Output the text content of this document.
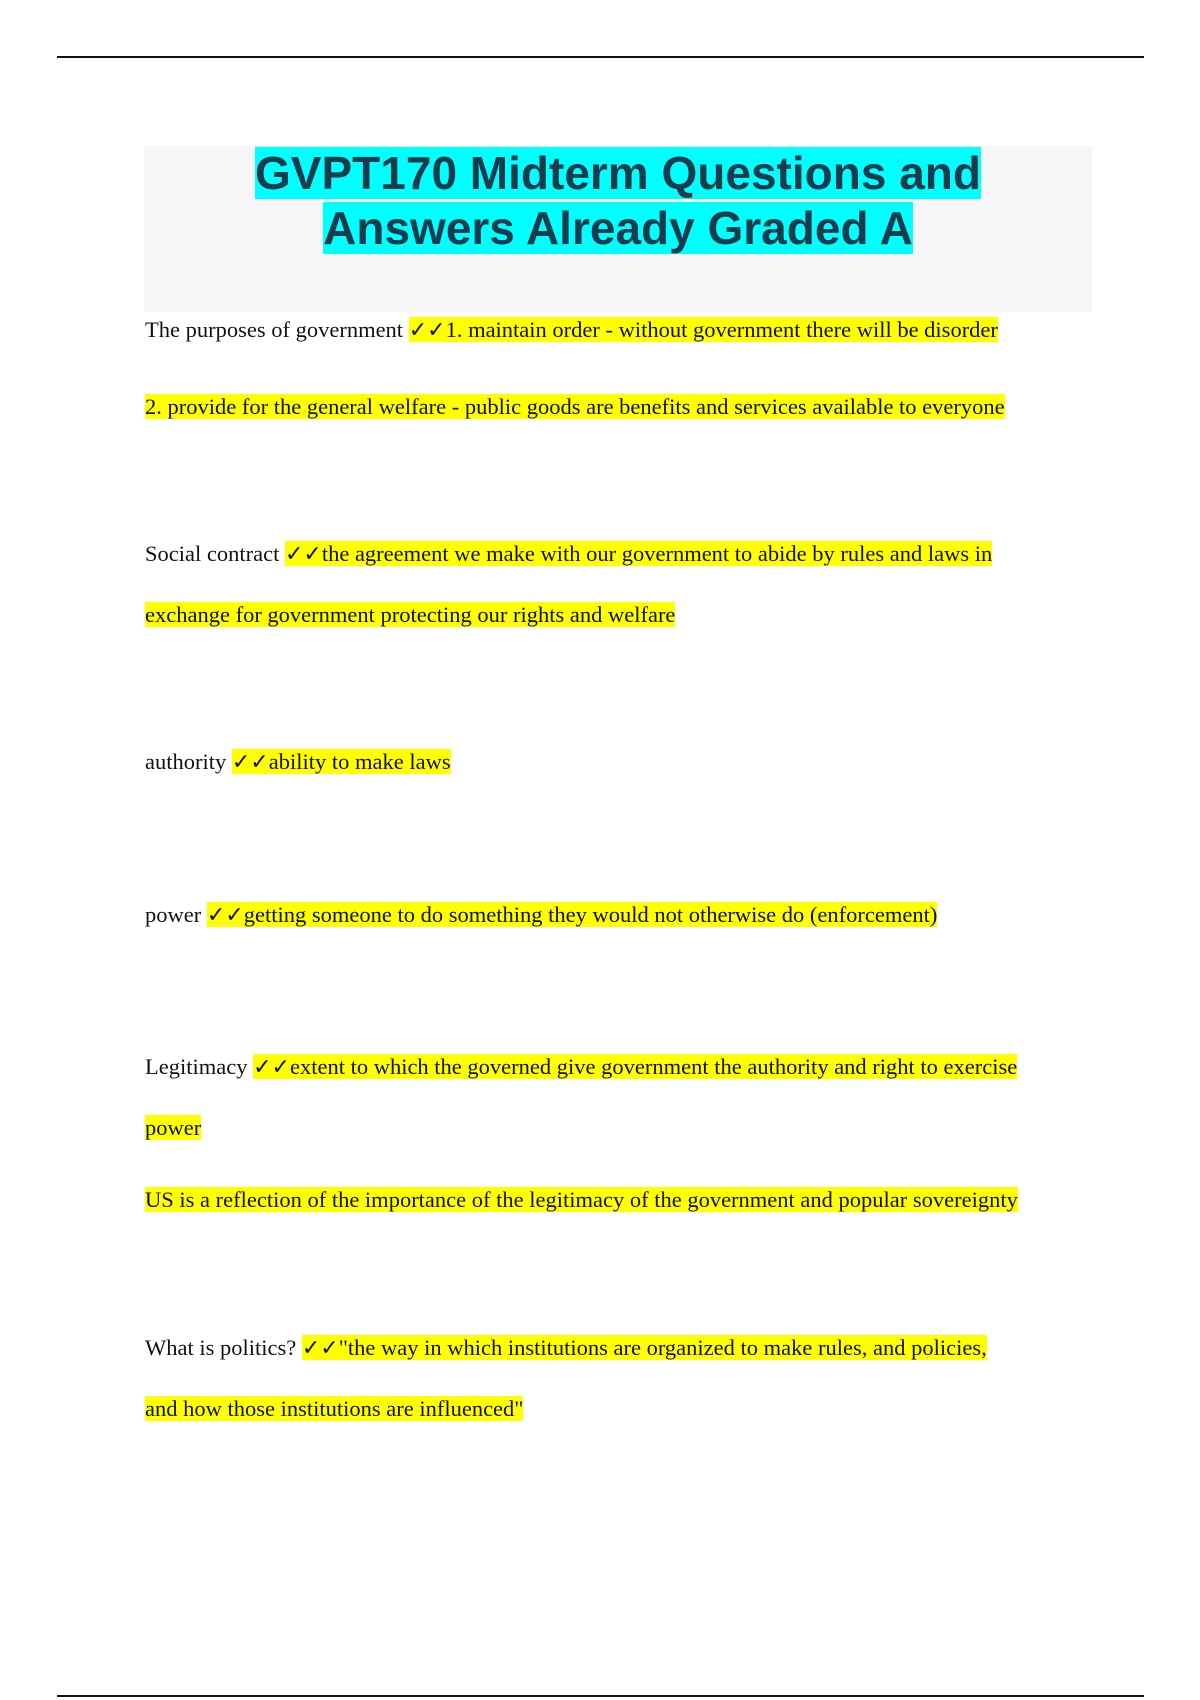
GVPT170 Midterm Questions and
Answers Already Graded A
The purposes of government ✓✓1. maintain order - without government there will be disorder
2. provide for the general welfare - public goods are benefits and services available to everyone
Social contract ✓✓the agreement we make with our government to abide by rules and laws in
exchange for government protecting our rights and welfare
authority ✓✓ability to make laws
power ✓✓getting someone to do something they would not otherwise do (enforcement)
Legitimacy ✓✓extent to which the governed give government the authority and right to exercise
power
US is a reflection of the importance of the legitimacy of the government and popular sovereignty
What is politics? ✓✓"the way in which institutions are organized to make rules, and policies,
and how those institutions are influenced"
